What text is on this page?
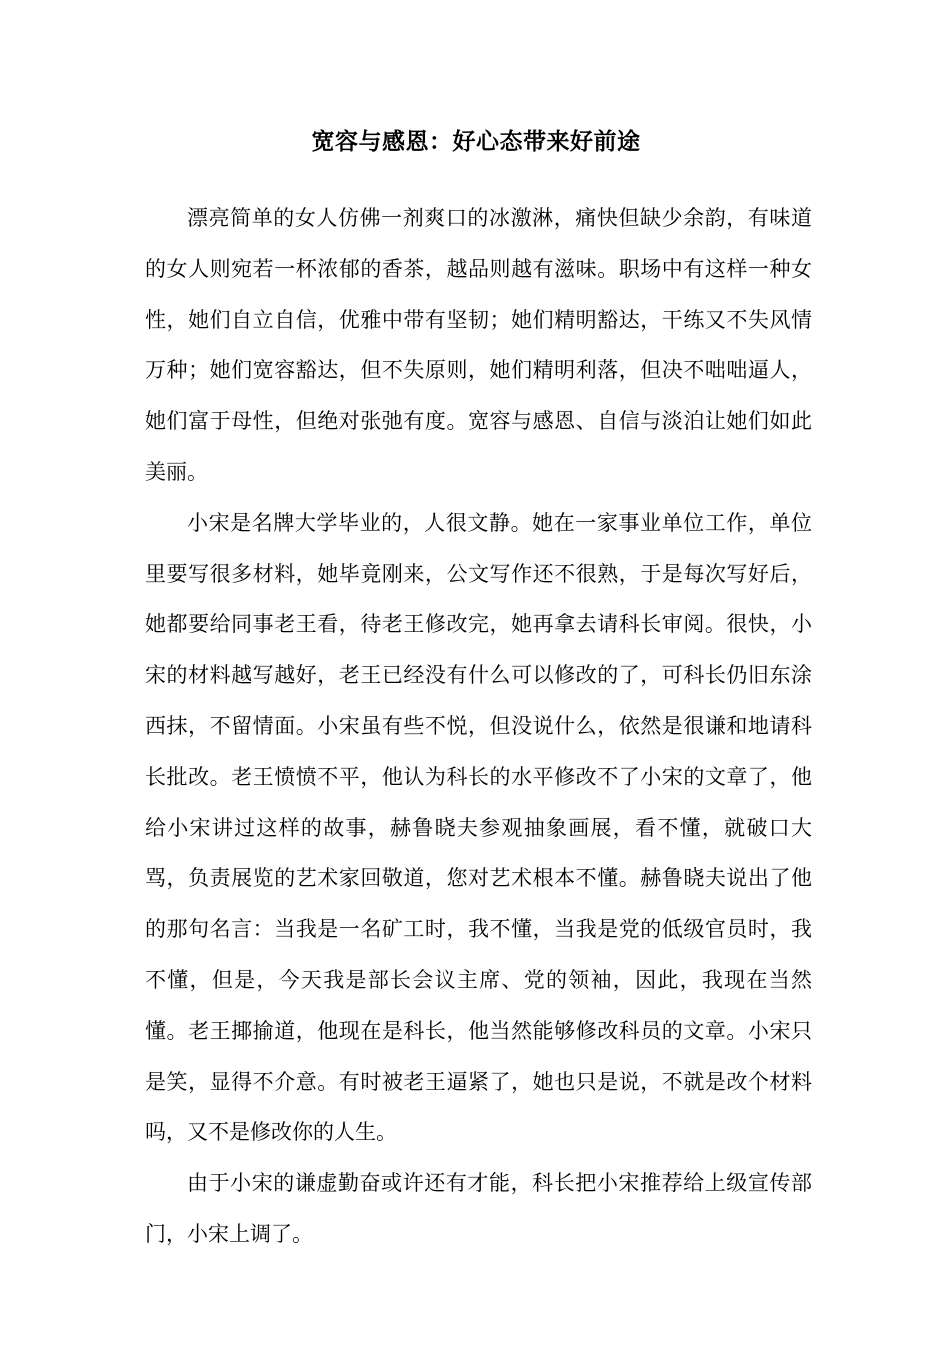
宽容与感恩：好心态带来好前途

漂亮简单的女人仿佛一剂爽口的冰激淋，痛快但缺少余韵，有味道的女人则宛若一杯浓郁的香茶，越品则越有滋味。职场中有这样一种女性，她们自立自信，优雅中带有坚韧；她们精明豁达，干练又不失风情万种；她们宽容豁达，但不失原则，她们精明利落，但决不咄咄逼人，她们富于母性，但绝对张弛有度。宽容与感恩、自信与淡泊让她们如此美丽。

小宋是名牌大学毕业的，人很文静。她在一家事业单位工作，单位里要写很多材料，她毕竟刚来，公文写作还不很熟，于是每次写好后，她都要给同事老王看，待老王修改完，她再拿去请科长审阅。很快，小宋的材料越写越好，老王已经没有什么可以修改的了，可科长仍旧东涂西抹，不留情面。小宋虽有些不悦，但没说什么，依然是很谦和地请科长批改。老王愤愤不平，他认为科长的水平修改不了小宋的文章了，他给小宋讲过这样的故事，赫鲁晓夫参观抽象画展，看不懂，就破口大骂，负责展览的艺术家回敬道，您对艺术根本不懂。赫鲁晓夫说出了他的那句名言：当我是一名矿工时，我不懂，当我是党的低级官员时，我不懂，但是，今天我是部长会议主席、党的领袖，因此，我现在当然懂。老王揶揄道，他现在是科长，他当然能够修改科员的文章。小宋只是笑，显得不介意。有时被老王逼紧了，她也只是说，不就是改个材料吗，又不是修改你的人生。

由于小宋的谦虚勤奋或许还有才能，科长把小宋推荐给上级宣传部门，小宋上调了。
